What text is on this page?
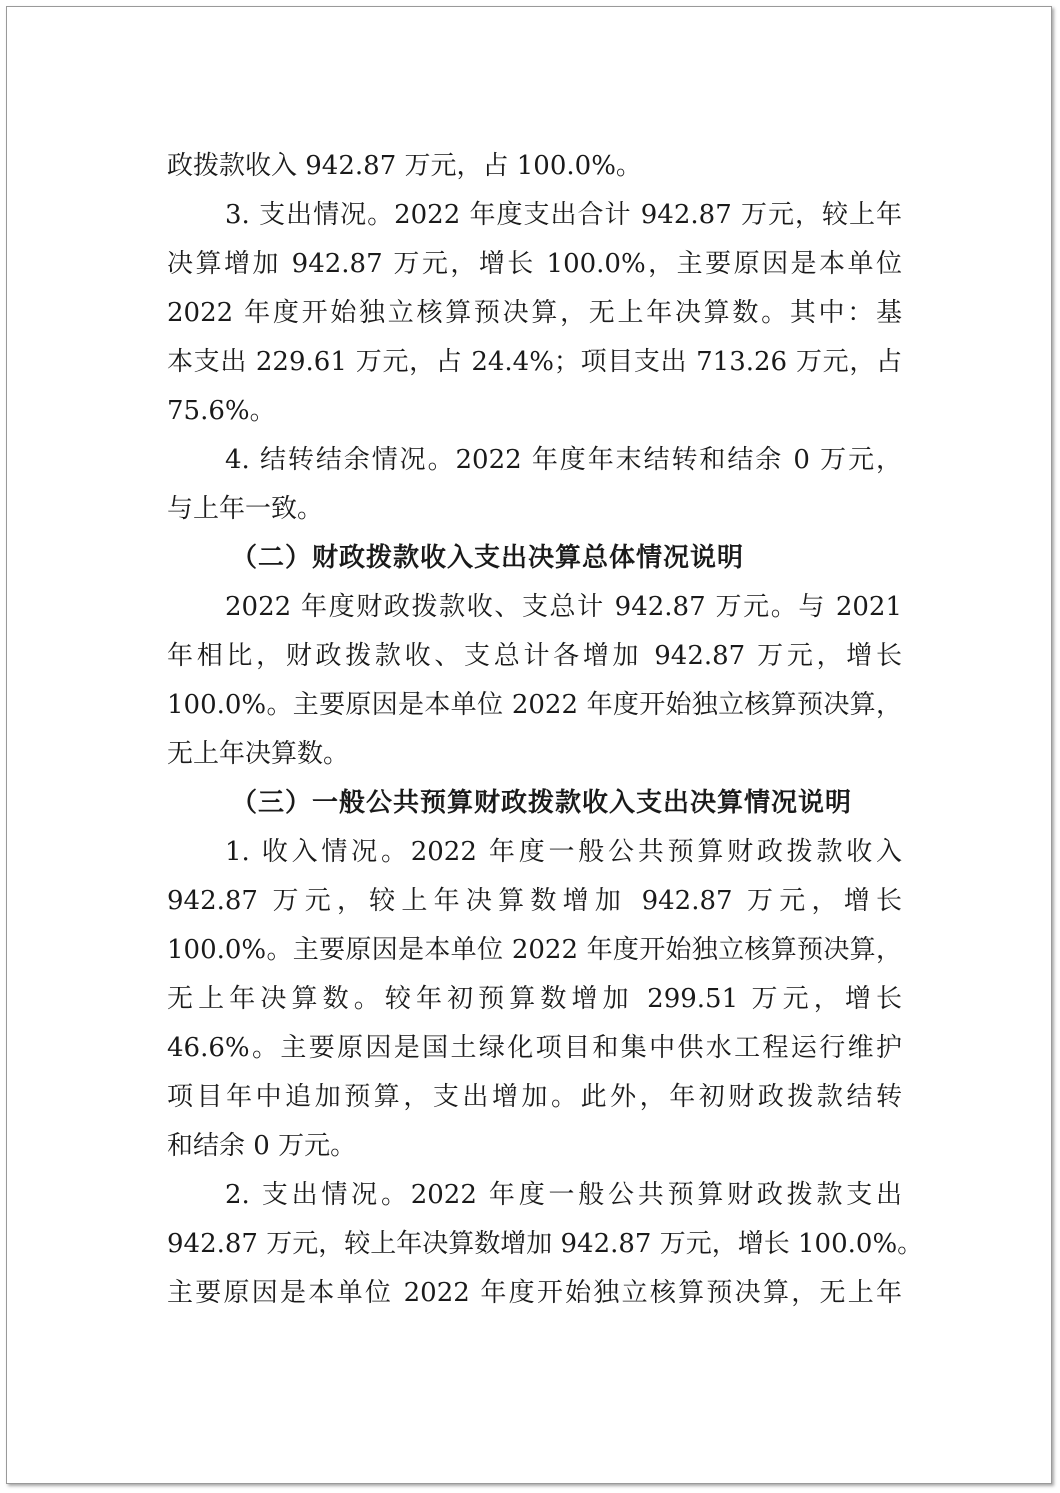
政拨款收入 942.87 万元，占 100.0%。
3. 支出情况。2022 年度支出合计 942.87 万元，较上年
决算增加 942.87 万元，增长 100.0%，主要原因是本单位
2022 年度开始独立核算预决算，无上年决算数。其中：基
本支出 229.61 万元，占 24.4%；项目支出 713.26 万元，占
75.6%。
4. 结转结余情况。2022 年度年末结转和结余 0 万元，
与上年一致。
（二）财政拨款收入支出决算总体情况说明
2022 年度财政拨款收、支总计 942.87 万元。与 2021
年相比，财政拨款收、支总计各增加 942.87 万元，增长
100.0%。主要原因是本单位 2022 年度开始独立核算预决算，
无上年决算数。
（三）一般公共预算财政拨款收入支出决算情况说明
1. 收入情况。2022 年度一般公共预算财政拨款收入
942.87 万元，较上年决算数增加 942.87 万元，增长
100.0%。主要原因是本单位 2022 年度开始独立核算预决算，
无上年决算数。较年初预算数增加 299.51 万元，增长
46.6%。主要原因是国土绿化项目和集中供水工程运行维护
项目年中追加预算，支出增加。此外，年初财政拨款结转
和结余 0 万元。
2. 支出情况。2022 年度一般公共预算财政拨款支出
942.87 万元，较上年决算数增加 942.87 万元，增长 100.0%。
主要原因是本单位 2022 年度开始独立核算预决算，无上年
